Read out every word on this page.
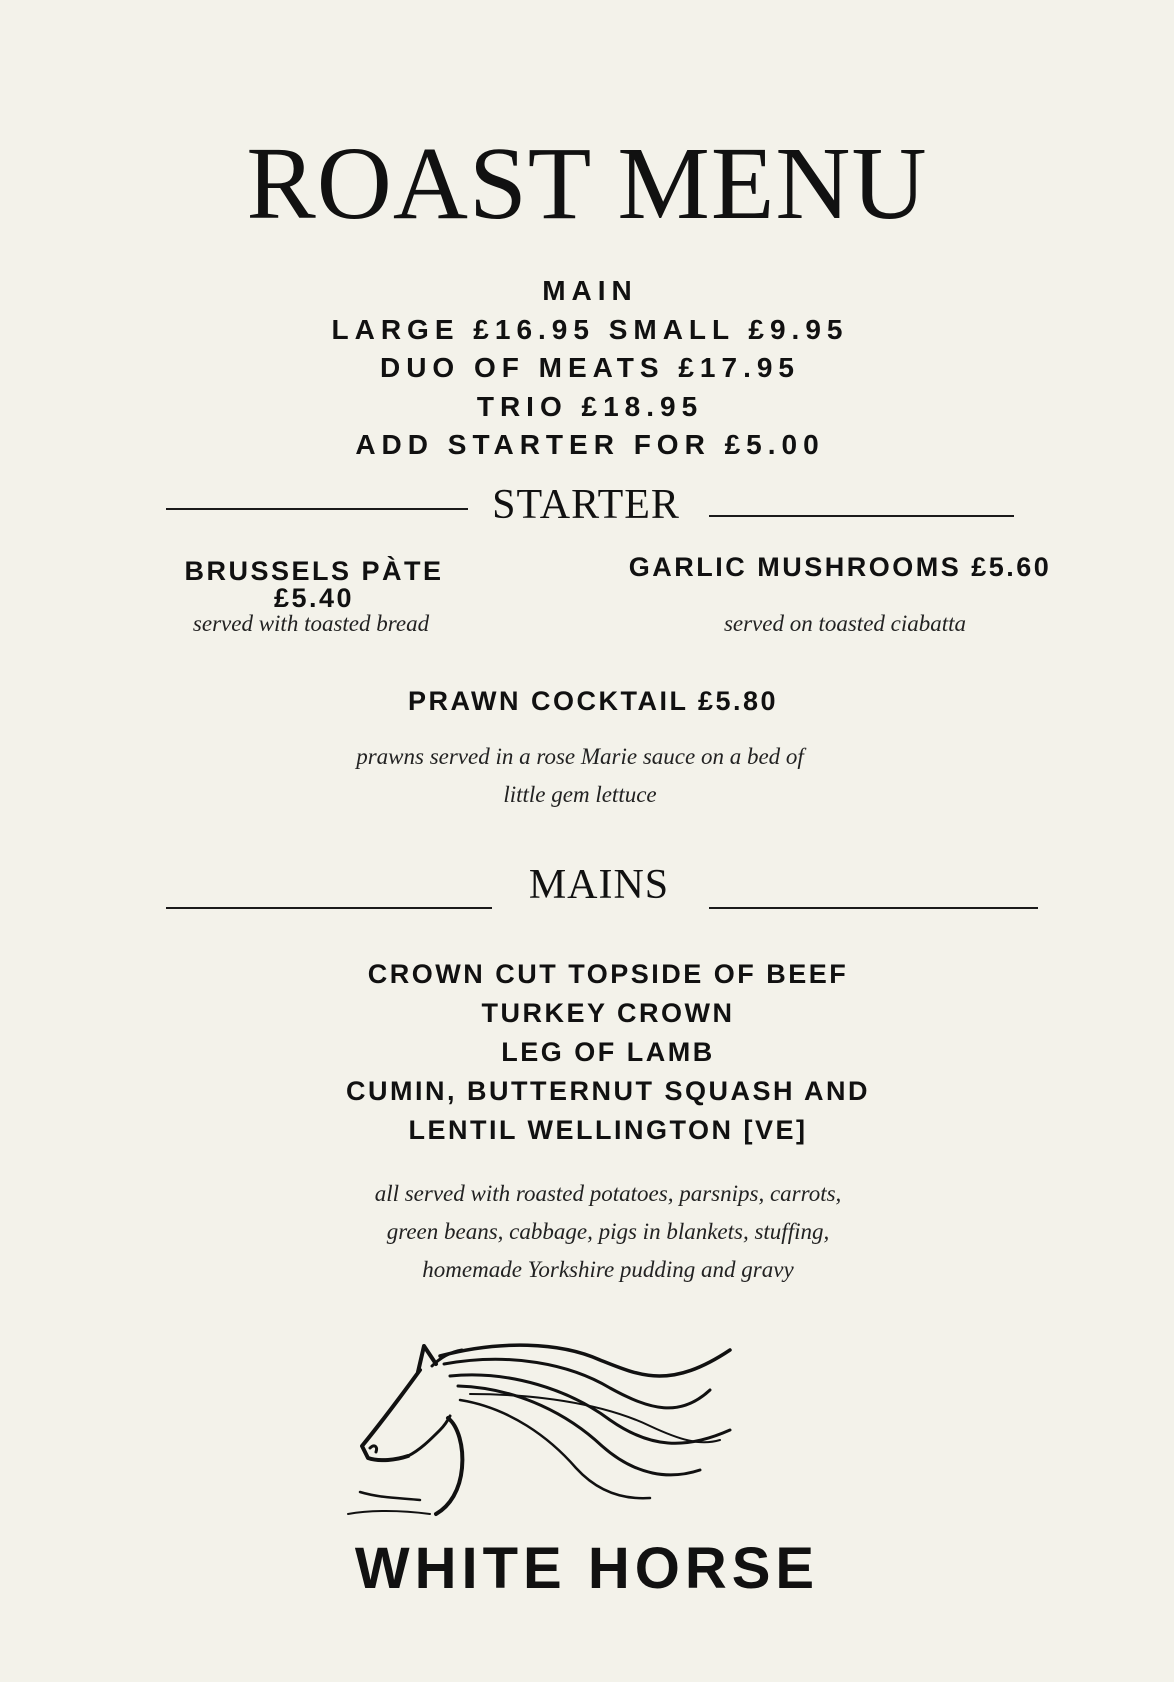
ROAST MENU
MAIN
LARGE £16.95 SMALL £9.95
DUO OF MEATS £17.95
TRIO £18.95
ADD STARTER FOR £5.00
STARTER
BRUSSELS PÀTE £5.40
served with toasted bread
GARLIC MUSHROOMS £5.60
served on toasted ciabatta
PRAWN COCKTAIL £5.80
prawns served in a rose Marie sauce on a bed of
little gem lettuce
MAINS
CROWN CUT TOPSIDE OF BEEF
TURKEY CROWN
LEG OF LAMB
CUMIN, BUTTERNUT SQUASH AND
LENTIL WELLINGTON [VE]
all served with roasted potatoes, parsnips, carrots,
green beans, cabbage, pigs in blankets, stuffing,
homemade Yorkshire pudding and gravy
WHITE HORSE
